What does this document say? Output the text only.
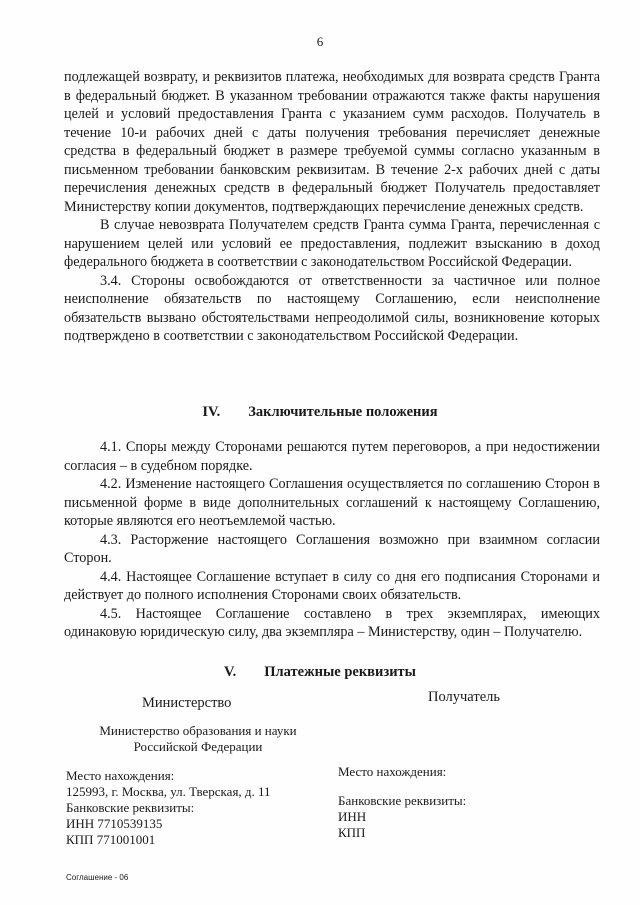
6

подлежащей возврату, и реквизитов платежа, необходимых для возврата средств Гранта в федеральный бюджет. В указанном требовании отражаются также факты нарушения целей и условий предоставления Гранта с указанием сумм расходов. Получатель в течение 10-и рабочих дней с даты получения требования перечисляет денежные средства в федеральный бюджет в размере требуемой суммы согласно указанным в письменном требовании банковским реквизитам. В течение 2-х рабочих дней с даты перечисления денежных средств в федеральный бюджет Получатель предоставляет Министерству копии документов, подтверждающих перечисление денежных средств.

В случае невозврата Получателем средств Гранта сумма Гранта, перечисленная с нарушением целей или условий ее предоставления, подлежит взысканию в доход федерального бюджета в соответствии с законодательством Российской Федерации.

3.4. Стороны освобождаются от ответственности за частичное или полное неисполнение обязательств по настоящему Соглашению, если неисполнение обязательств вызвано обстоятельствами непреодолимой силы, возникновение которых подтверждено в соответствии с законодательством Российской Федерации.

IV. Заключительные положения

4.1. Споры между Сторонами решаются путем переговоров, а при недостижении согласия – в судебном порядке.

4.2. Изменение настоящего Соглашения осуществляется по соглашению Сторон в письменной форме в виде дополнительных соглашений к настоящему Соглашению, которые являются его неотъемлемой частью.

4.3. Расторжение настоящего Соглашения возможно при взаимном согласии Сторон.

4.4. Настоящее Соглашение вступает в силу со дня его подписания Сторонами и действует до полного исполнения Сторонами своих обязательств.

4.5. Настоящее Соглашение составлено в трех экземплярах, имеющих одинаковую юридическую силу, два экземпляра – Министерству, один – Получателю.

V. Платежные реквизиты
Министерство	Получатель
Министерство образования и науки
Российской Федерации
Место нахождения:
125993, г. Москва, ул. Тверская, д. 11
Банковские реквизиты:
ИНН 7710539135
КПП 771001001
Место нахождения:
Банковские реквизиты:
ИНН
КПП
Соглашение - 06
